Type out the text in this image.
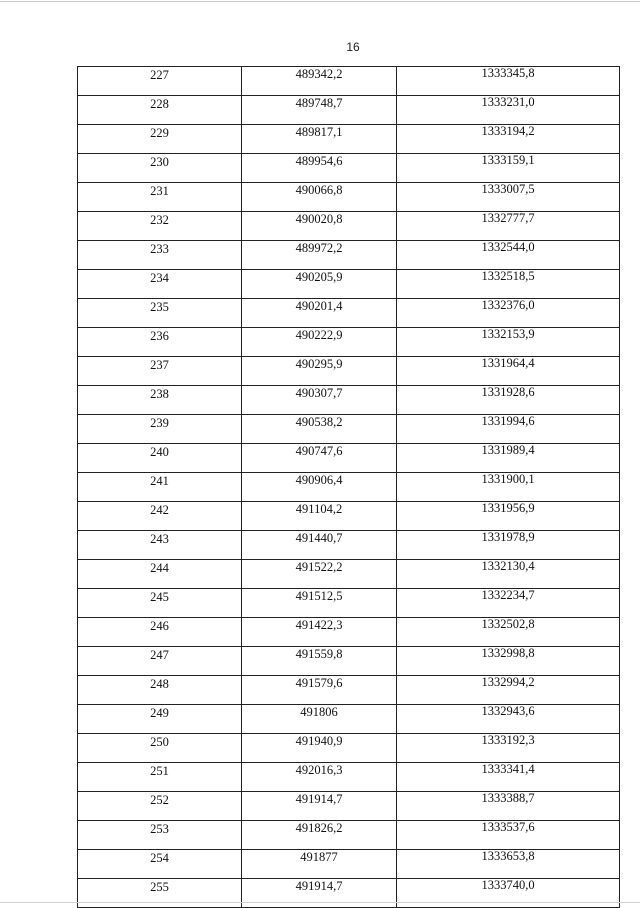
16
227	489342,2	1333345,8
228	489748,7	1333231,0
229	489817,1	1333194,2
230	489954,6	1333159,1
231	490066,8	1333007,5
232	490020,8	1332777,7
233	489972,2	1332544,0
234	490205,9	1332518,5
235	490201,4	1332376,0
236	490222,9	1332153,9
237	490295,9	1331964,4
238	490307,7	1331928,6
239	490538,2	1331994,6
240	490747,6	1331989,4
241	490906,4	1331900,1
242	491104,2	1331956,9
243	491440,7	1331978,9
244	491522,2	1332130,4
245	491512,5	1332234,7
246	491422,3	1332502,8
247	491559,8	1332998,8
248	491579,6	1332994,2
249	491806	1332943,6
250	491940,9	1333192,3
251	492016,3	1333341,4
252	491914,7	1333388,7
253	491826,2	1333537,6
254	491877	1333653,8
255	491914,7	1333740,0
